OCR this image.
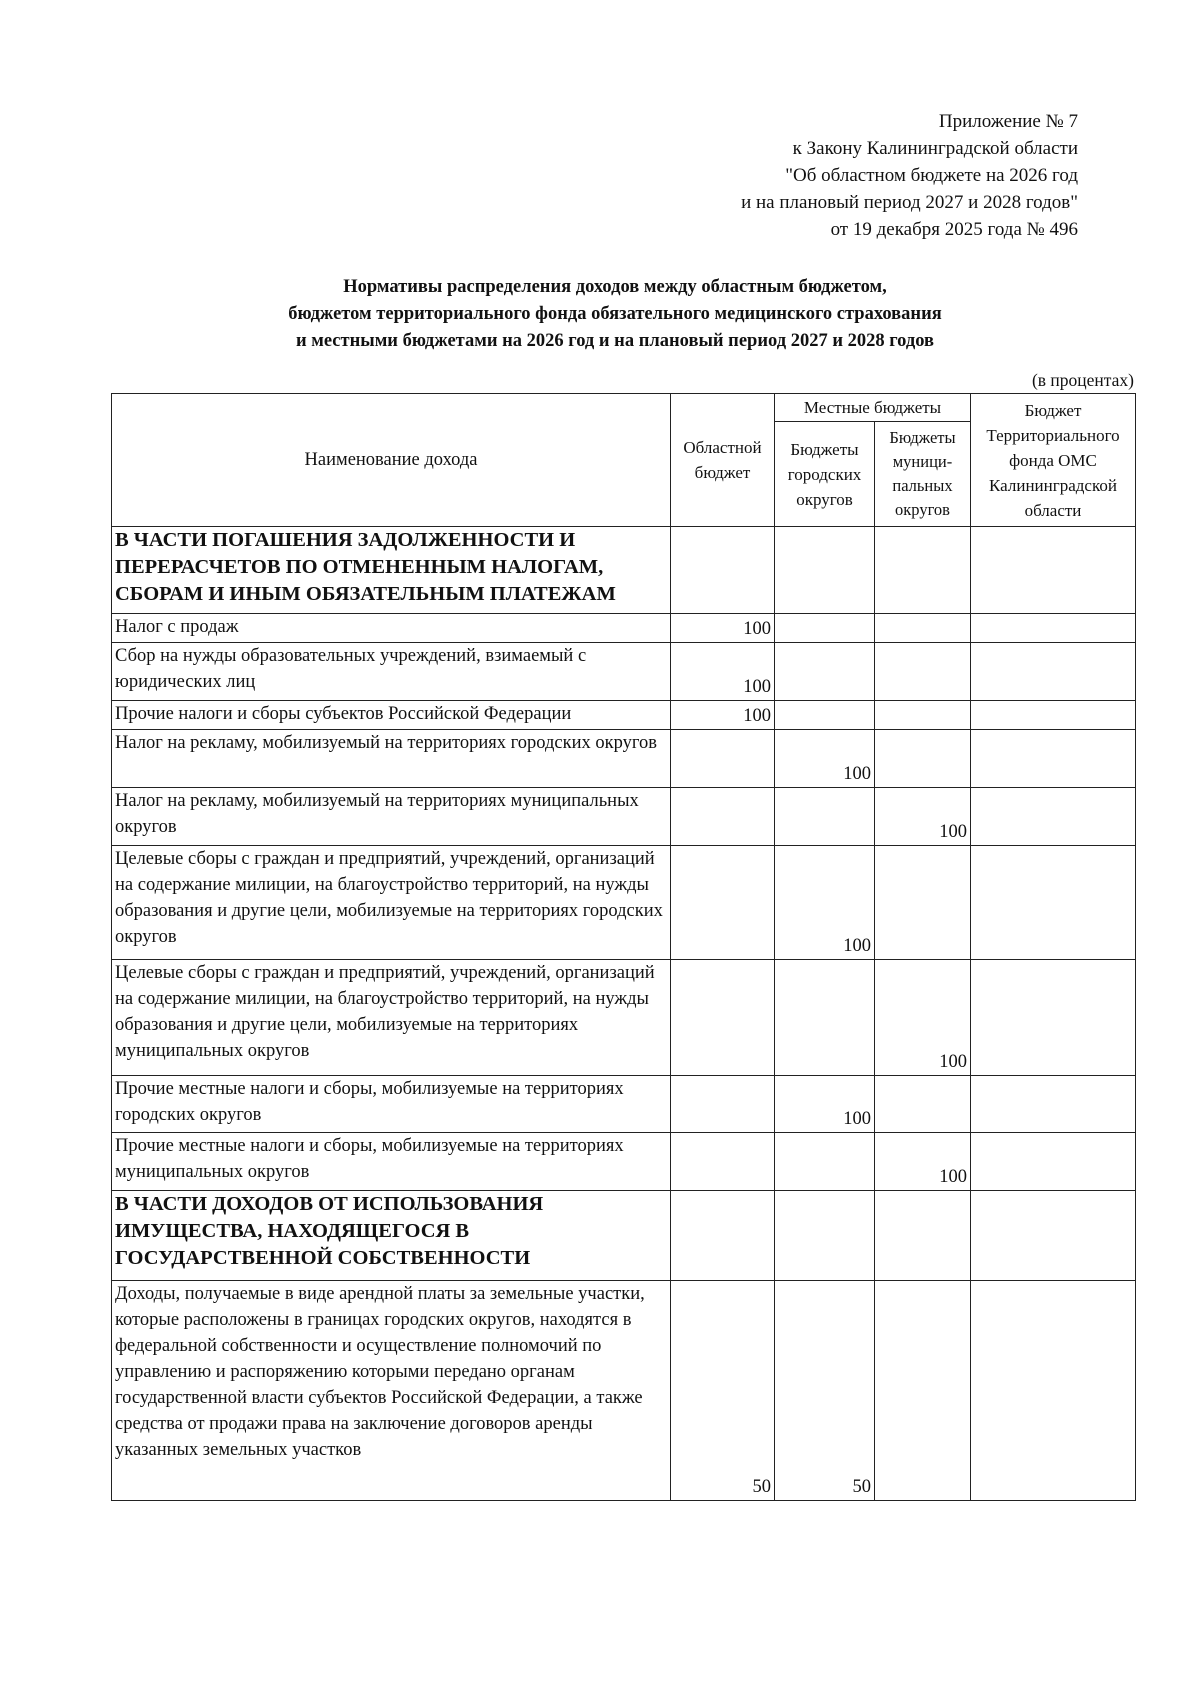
Приложение № 7
к Закону Калининградской области
"Об областном бюджете на 2026 год
и на плановый период 2027 и 2028 годов"
от 19 декабря 2025 года № 496
Нормативы распределения доходов между областным бюджетом,
бюджетом территориального фонда обязательного медицинского страхования
и местными бюджетами на 2026 год и на плановый период 2027 и 2028 годов
(в процентах)
Наименование дохода	Областной бюджет	Местные бюджеты		Бюджет Территориального фонда ОМС Калининградской области
		Бюджеты городских округов	Бюджеты муници-пальных округов	
В ЧАСТИ ПОГАШЕНИЯ ЗАДОЛЖЕННОСТИ И ПЕРЕРАСЧЕТОВ ПО ОТМЕНЕННЫМ НАЛОГАМ, СБОРАМ И ИНЫМ ОБЯЗАТЕЛЬНЫМ ПЛАТЕЖАМ				
Налог с продаж	100			
Сбор на нужды образовательных учреждений, взимаемый с юридических лиц	100			
Прочие налоги и сборы субъектов Российской Федерации	100			
Налог на рекламу, мобилизуемый на территориях городских округов		100		
Налог на рекламу, мобилизуемый на территориях муниципальных округов			100	
Целевые сборы с граждан и предприятий, учреждений, организаций на содержание милиции, на благоустройство территорий, на нужды образования и другие цели, мобилизуемые на территориях городских округов		100		
Целевые сборы с граждан и предприятий, учреждений, организаций на содержание милиции, на благоустройство территорий, на нужды образования и другие цели, мобилизуемые на территориях муниципальных округов			100	
Прочие местные налоги и сборы, мобилизуемые на территориях городских округов		100		
Прочие местные налоги и сборы, мобилизуемые на территориях муниципальных округов			100	
В ЧАСТИ ДОХОДОВ ОТ ИСПОЛЬЗОВАНИЯ ИМУЩЕСТВА, НАХОДЯЩЕГОСЯ В ГОСУДАРСТВЕННОЙ СОБСТВЕННОСТИ				
Доходы, получаемые в виде арендной платы за земельные участки, которые расположены в границах городских округов, находятся в федеральной собственности и осуществление полномочий по управлению и распоряжению которыми передано органам государственной власти субъектов Российской Федерации, а также средства от продажи права на заключение договоров аренды указанных земельных участков	50	50		
